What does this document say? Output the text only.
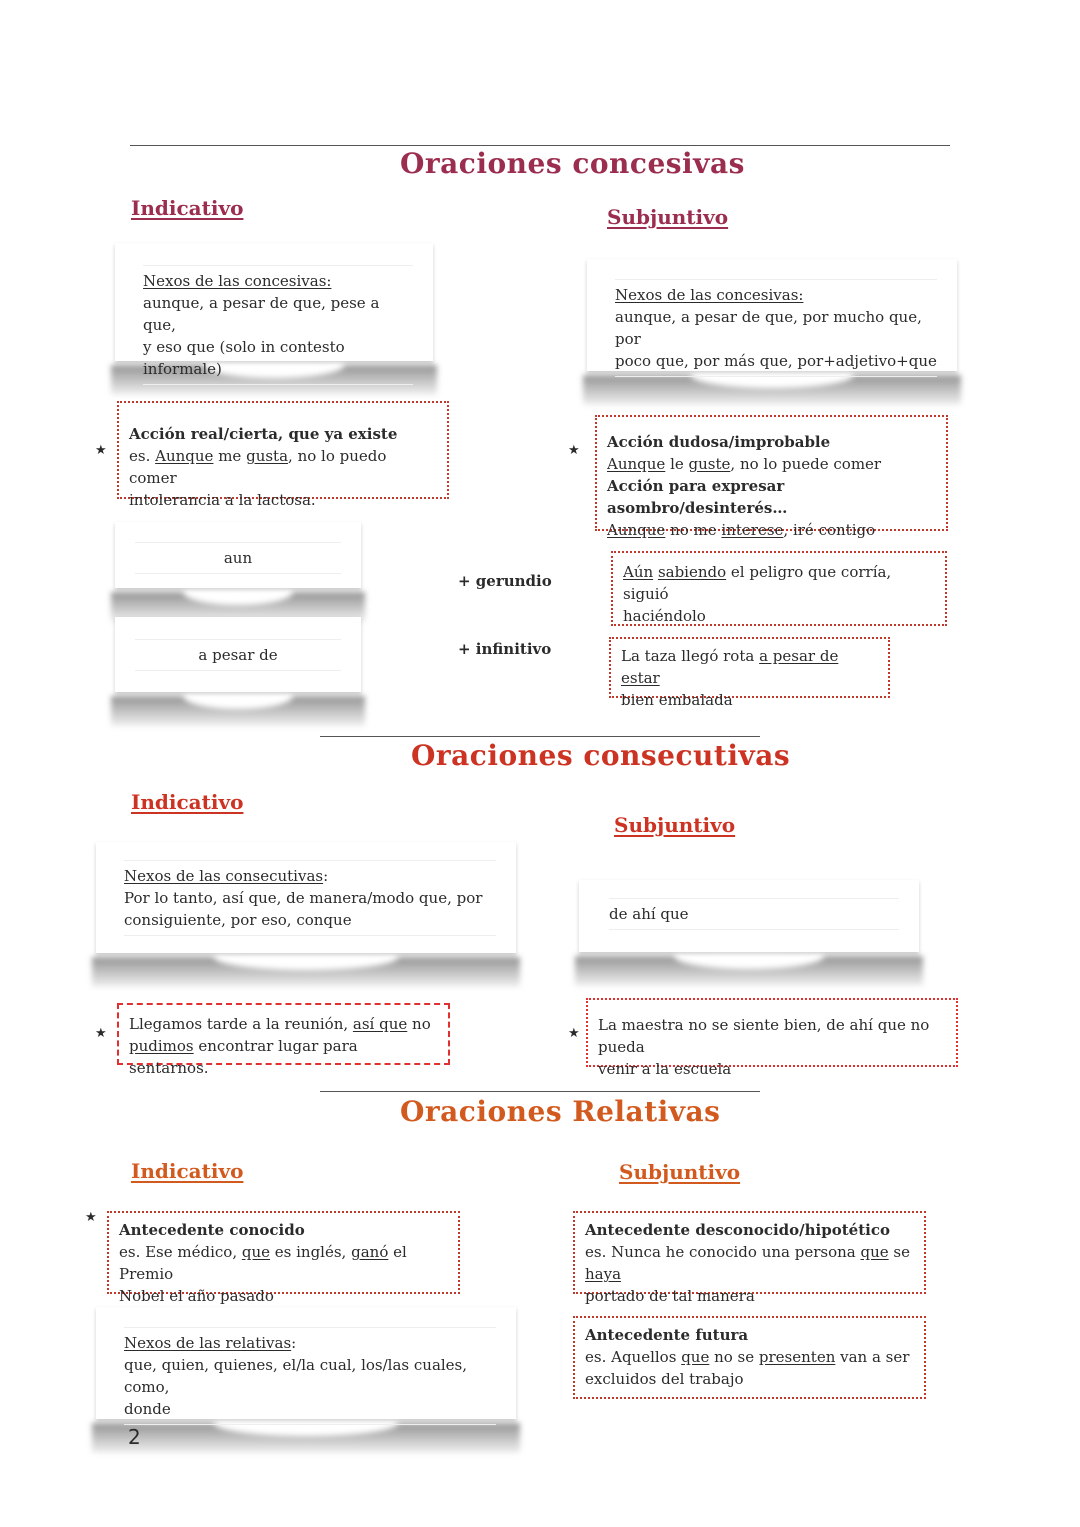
Oraciones concesivas
Indicativo	Subjuntivo
Nexos de las concesivas:
aunque, a pesar de que, pese a que,
y eso que (solo in contesto informale)
Nexos de las concesivas:
aunque, a pesar de que, por mucho que, por
poco que, por más que, por+adjetivo+que
★
Acción real/cierta, que ya existe
es. Aunque me gusta, no lo puedo comer
intolerancia a la lactosa.
★ Acción dudosa/improbable
Aunque le guste, no lo puede comer
Acción para expresar asombro/desinterés…
Aunque no me interese, iré contigo
aun
a pesar de
+ gerundio
+ infinitivo
Aún sabiendo el peligro que corría, siguió
haciéndolo
La taza llegó rota a pesar de estar
bien embalada
Oraciones consecutivas
Indicativo
Subjuntivo
Nexos de las consecutivas:
Por lo tanto, así que, de manera/modo que, por
consiguiente, por eso, conque	de ahí que
★
Llegamos tarde a la reunión, así que no
pudimos encontrar lugar para sentarnos.
★ La maestra no se siente bien, de ahí que no pueda
venir a la escuela
Oraciones Relativas
Indicativo	Subjuntivo
★
Antecedente conocido
es. Ese médico, que es inglés, ganó el Premio
Nobel el año pasado
Antecedente desconocido/hipotético
es. Nunca he conocido una persona que se haya
portado de tal manera
Nexos de las relativas:
que, quien, quienes, el/la cual, los/las cuales, como,
donde
Antecedente futura
es. Aquellos que no se presenten van a ser
excluidos del trabajo
2
